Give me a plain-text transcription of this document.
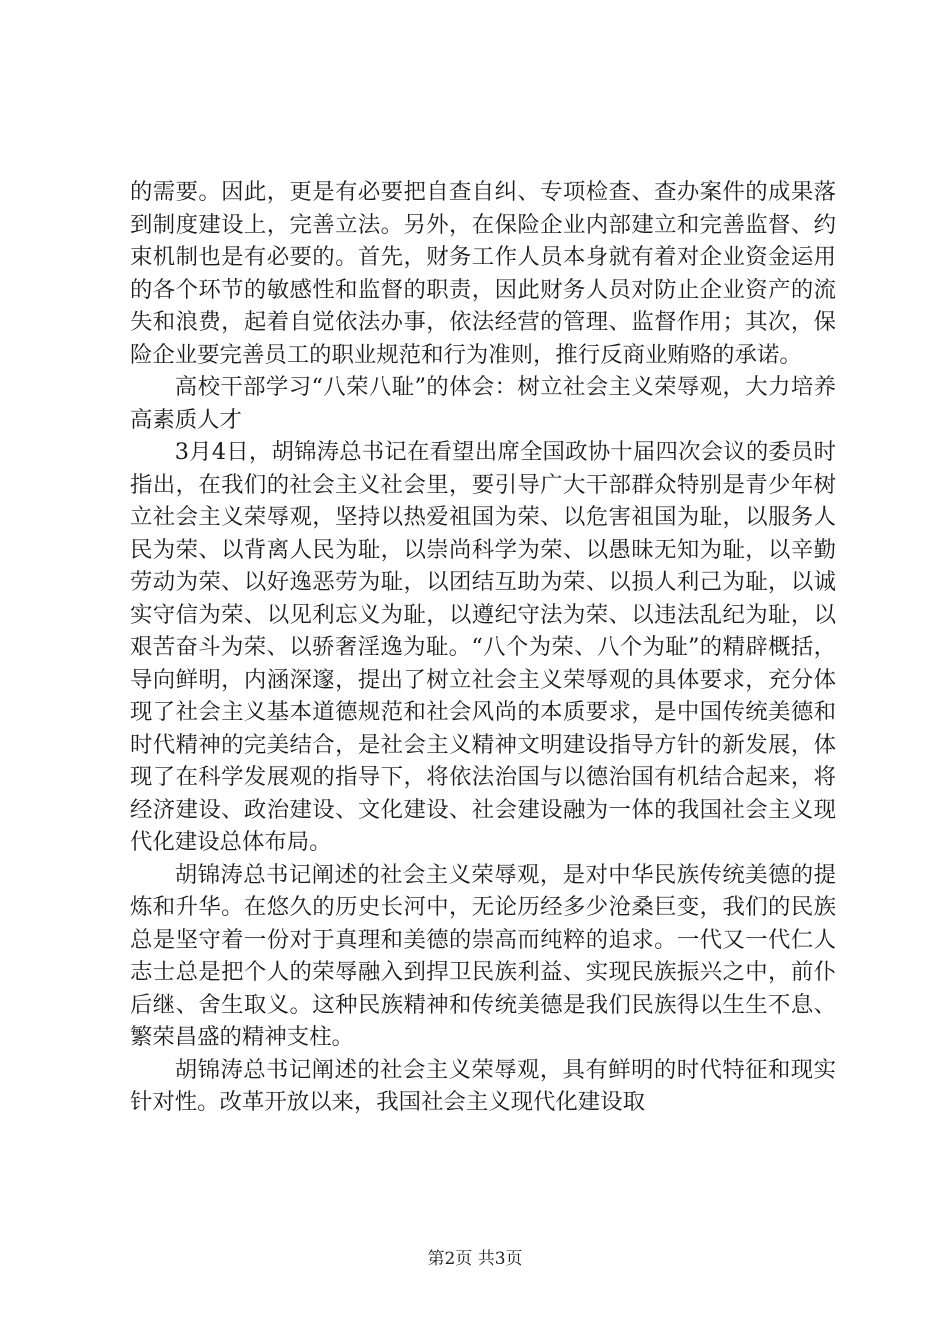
的需要。因此，更是有必要把自查自纠、专项检查、查办案件的成果落到制度建设上，完善立法。另外，在保险企业内部建立和完善监督、约束机制也是有必要的。首先，财务工作人员本身就有着对企业资金运用的各个环节的敏感性和监督的职责，因此财务人员对防止企业资产的流失和浪费，起着自觉依法办事，依法经营的管理、监督作用；其次，保险企业要完善员工的职业规范和行为准则，推行反商业贿赂的承诺。

高校干部学习“八荣八耻”的体会：树立社会主义荣辱观，大力培养高素质人才

3月4日，胡锦涛总书记在看望出席全国政协十届四次会议的委员时指出，在我们的社会主义社会里，要引导广大干部群众特别是青少年树立社会主义荣辱观，坚持以热爱祖国为荣、以危害祖国为耻，以服务人民为荣、以背离人民为耻，以崇尚科学为荣、以愚昧无知为耻，以辛勤劳动为荣、以好逸恶劳为耻，以团结互助为荣、以损人利己为耻，以诚实守信为荣、以见利忘义为耻，以遵纪守法为荣、以违法乱纪为耻，以艰苦奋斗为荣、以骄奢淫逸为耻。“八个为荣、八个为耻”的精辟概括，导向鲜明，内涵深邃，提出了树立社会主义荣辱观的具体要求，充分体现了社会主义基本道德规范和社会风尚的本质要求，是中国传统美德和时代精神的完美结合，是社会主义精神文明建设指导方针的新发展，体现了在科学发展观的指导下，将依法治国与以德治国有机结合起来，将经济建设、政治建设、文化建设、社会建设融为一体的我国社会主义现代化建设总体布局。

胡锦涛总书记阐述的社会主义荣辱观，是对中华民族传统美德的提炼和升华。在悠久的历史长河中，无论历经多少沧桑巨变，我们的民族总是坚守着一份对于真理和美德的崇高而纯粹的追求。一代又一代仁人志士总是把个人的荣辱融入到捍卫民族利益、实现民族振兴之中，前仆后继、舍生取义。这种民族精神和传统美德是我们民族得以生生不息、繁荣昌盛的精神支柱。

胡锦涛总书记阐述的社会主义荣辱观，具有鲜明的时代特征和现实针对性。改革开放以来，我国社会主义现代化建设取

第2页 共3页
